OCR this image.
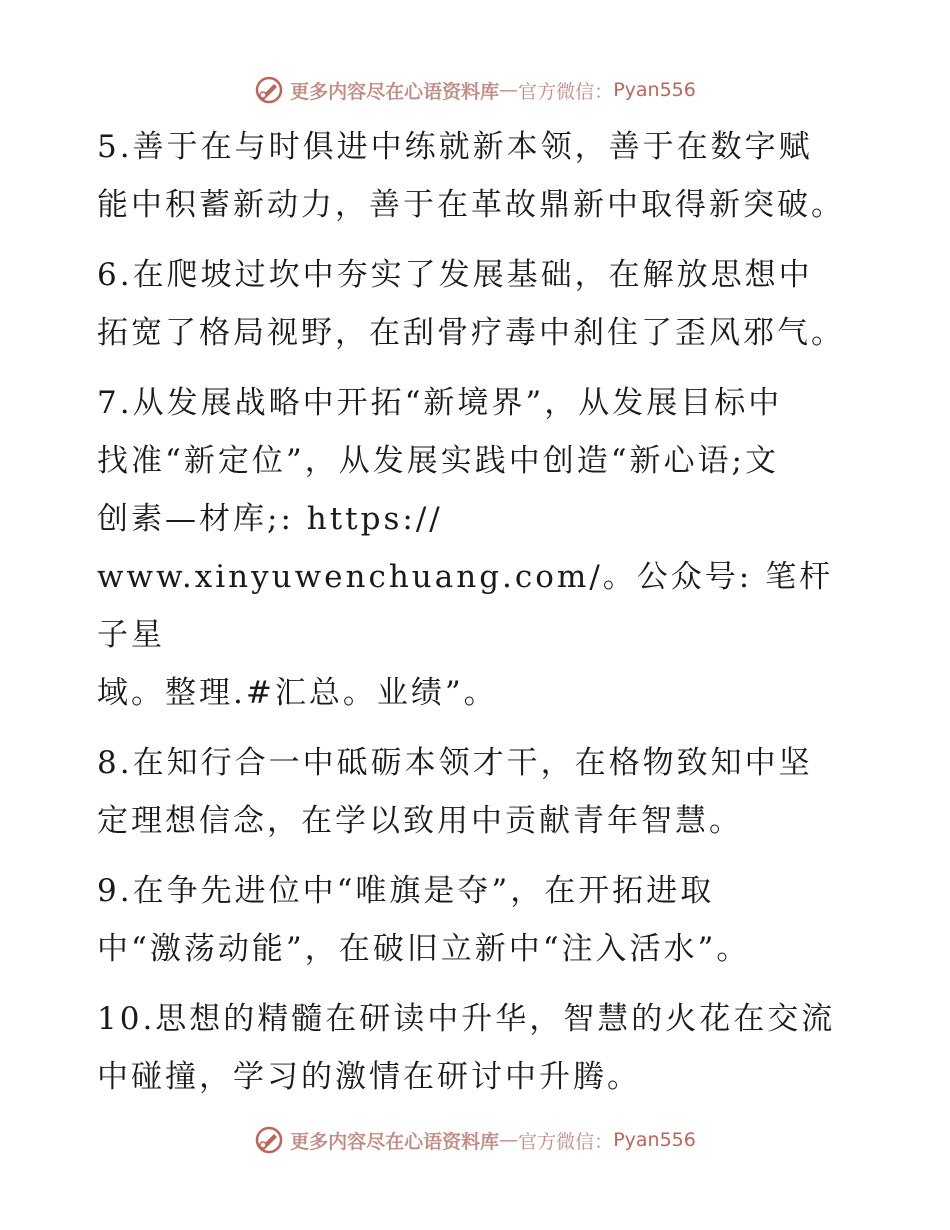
更多内容尽在心语资料库 — 官方微信： Pyan556

5.善于在与时俱进中练就新本领，善于在数字赋
能中积蓄新动力，善于在革故鼎新中取得新突破。

6.在爬坡过坎中夯实了发展基础，在解放思想中
拓宽了格局视野，在刮骨疗毒中刹住了歪风邪气。

7.从发展战略中开拓“新境界”，从发展目标中
找准“新定位”，从发展实践中创造“新心语;文
创素—材库;: https://
www.xinyuwenchuang.com/。公众号: 笔杆子星
域。整理.#汇总。业绩”。

8.在知行合一中砥砺本领才干，在格物致知中坚
定理想信念，在学以致用中贡献青年智慧。

9.在争先进位中“唯旗是夺”，在开拓进取
中“激荡动能”，在破旧立新中“注入活水”。

10.思想的精髓在研读中升华，智慧的火花在交流
中碰撞，学习的激情在研讨中升腾。

更多内容尽在心语资料库 — 官方微信： Pyan556
